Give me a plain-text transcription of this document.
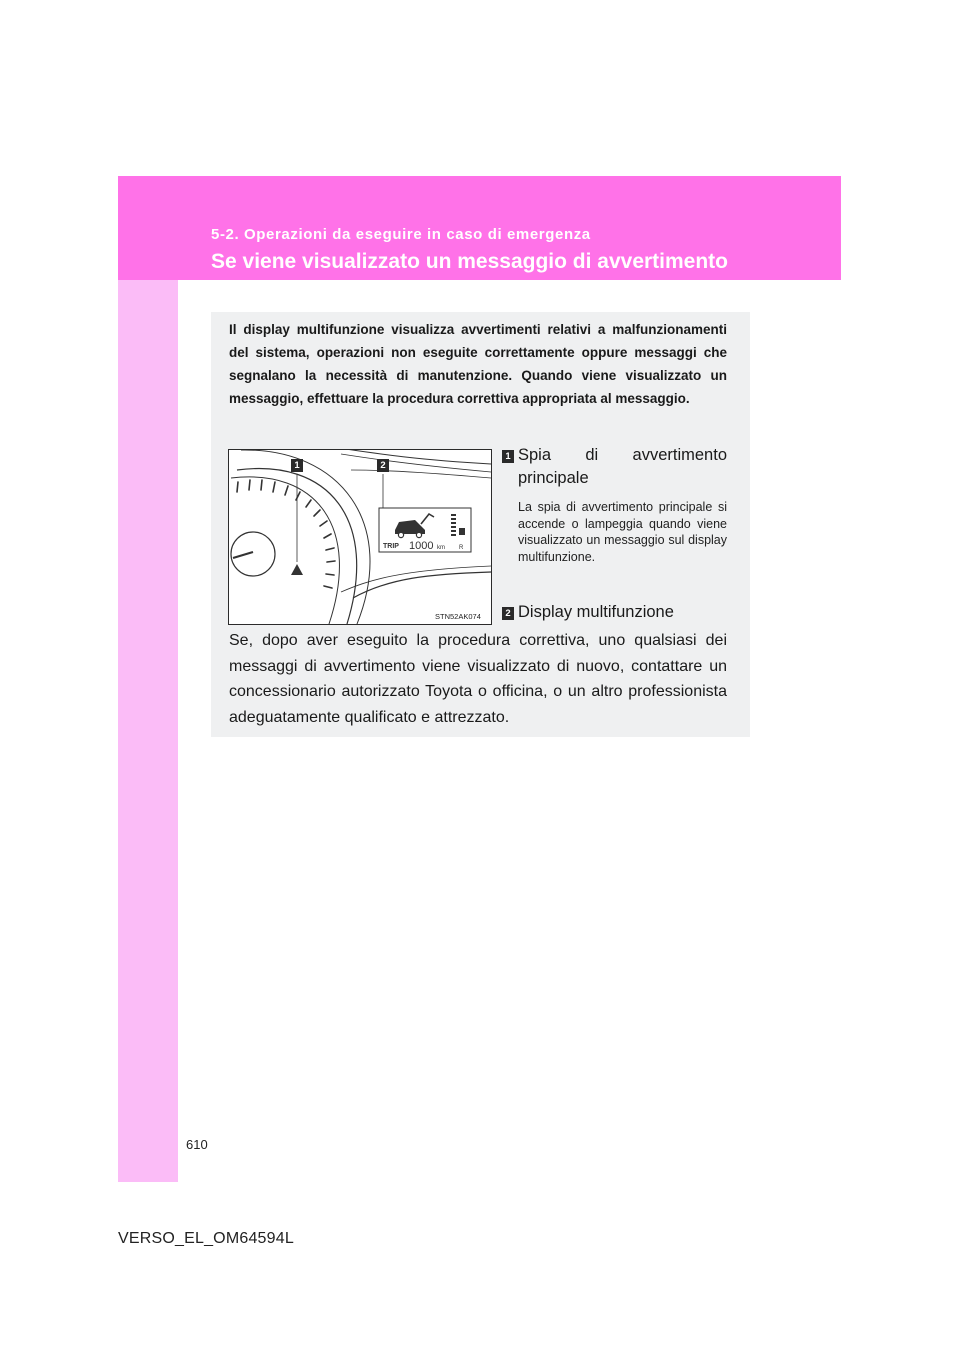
5-2. Operazioni da eseguire in caso di emergenza
Se viene visualizzato un messaggio di avvertimento

Il display multifunzione visualizza avvertimenti relativi a malfunzionamenti del sistema, operazioni non eseguite correttamente oppure messaggi che segnalano la necessità di manutenzione. Quando viene visualizzato un messaggio, effettuare la procedura correttiva appropriata al messaggio.

R
TRIP 1000 km
1	2
STN52AK074
1 Spia di avvertimento principale

La spia di avvertimento principale si accende o lampeggia quando viene visualizzato un messaggio sul display multifunzione.

2 Display multifunzione

Se, dopo aver eseguito la procedura correttiva, uno qualsiasi dei messaggi di avvertimento viene visualizzato di nuovo, contattare un concessionario autorizzato Toyota o officina, o un altro professionista adeguatamente qualificato e attrezzato.

610
VERSO_EL_OM64594L
